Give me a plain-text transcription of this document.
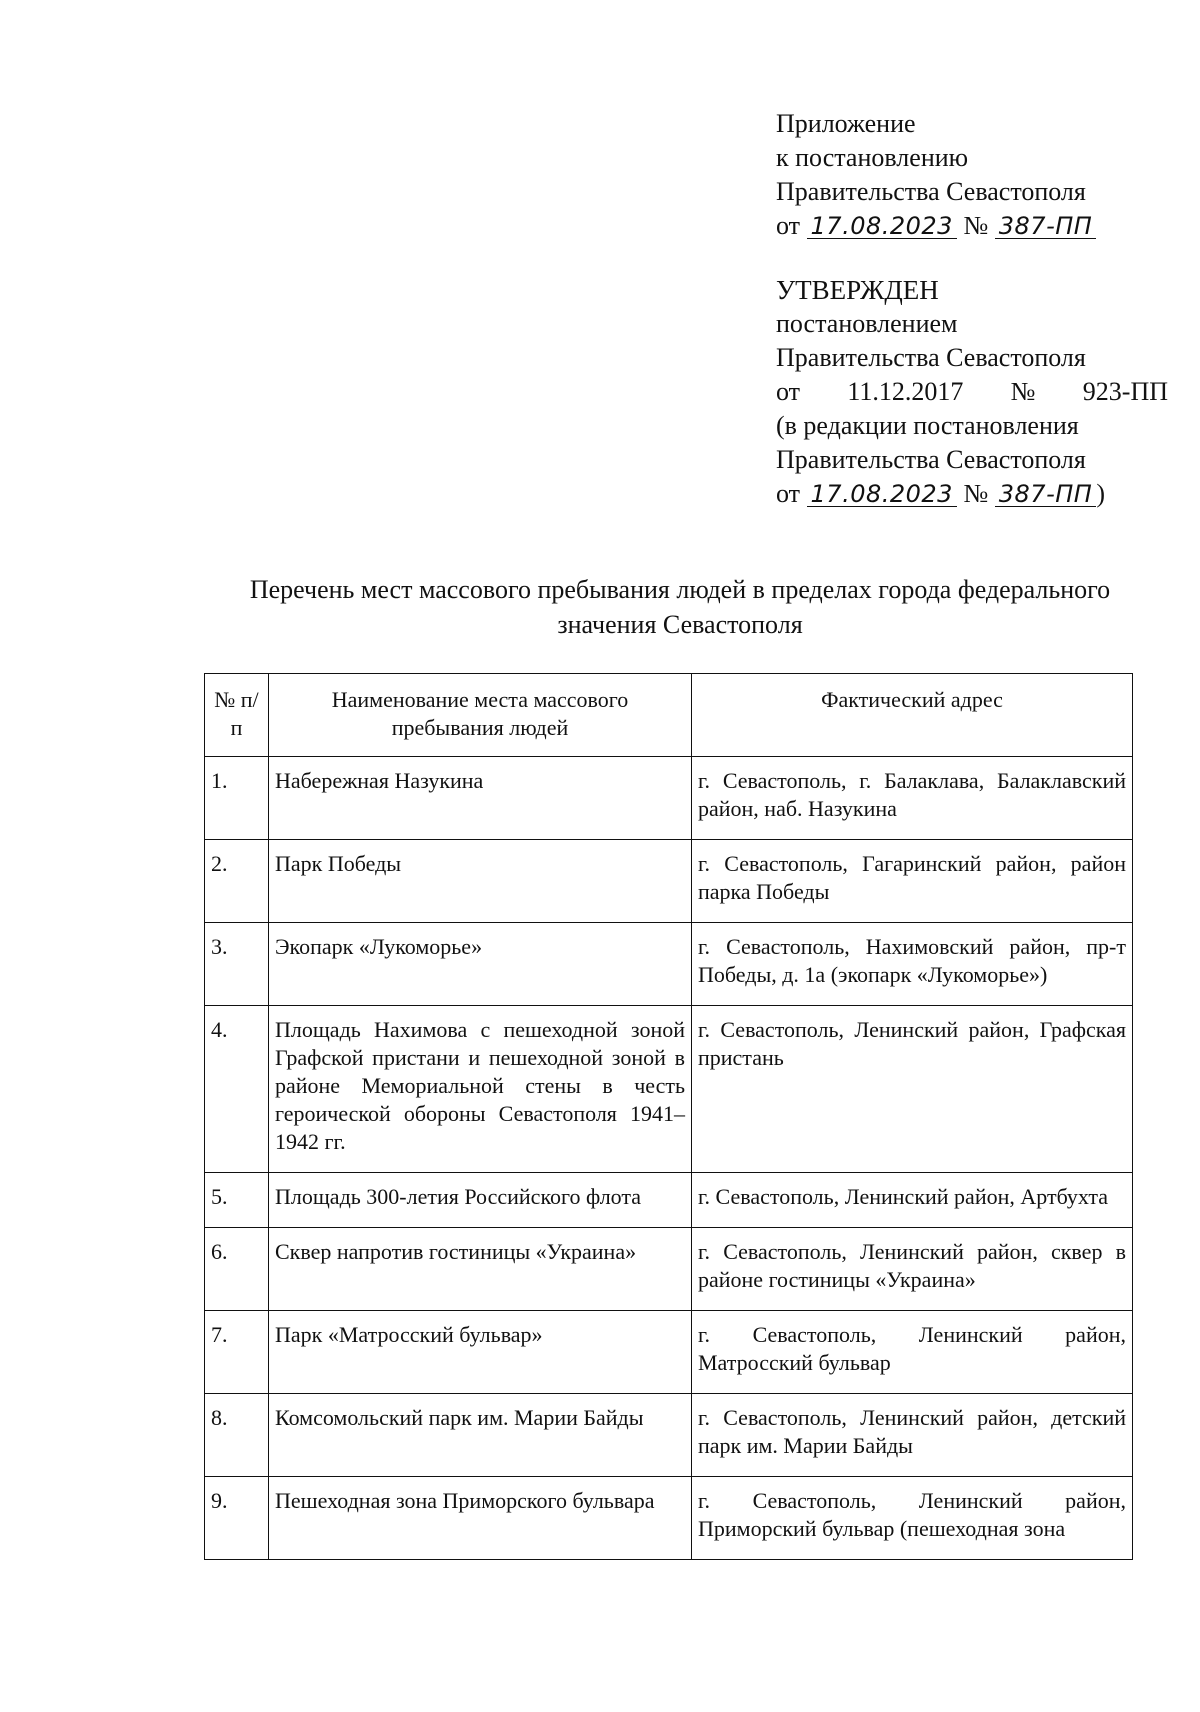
Приложение
к постановлению
Правительства Севастополя
от 17.08.2023 № 387-ПП
УТВЕРЖДЕН
постановлением
Правительства Севастополя
от 11.12.2017 № 923-ПП
(в редакции постановления
Правительства Севастополя
от 17.08.2023 № 387-ПП )
Перечень мест массового пребывания людей в пределах города федерального значения Севастополя
№ п/п	Наименование места массового пребывания людей	Фактический адрес
1.	Набережная Назукина	г. Севастополь, г. Балаклава, Балаклавский район, наб. Назукина
2.	Парк Победы	г. Севастополь, Гагаринский район, район парка Победы
3.	Экопарк «Лукоморье»	г. Севастополь, Нахимовский район, пр-т Победы, д. 1а (экопарк «Лукоморье»)
4.	Площадь Нахимова с пешеходной зоной Графской пристани и пешеходной зоной в районе Мемориальной стены в честь героической обороны Севастополя 1941–1942 гг.	г. Севастополь, Ленинский район, Графская пристань
5.	Площадь 300-летия Российского флота	г. Севастополь, Ленинский район, Артбухта
6.	Сквер напротив гостиницы «Украина»	г. Севастополь, Ленинский район, сквер в районе гостиницы «Украина»
7.	Парк «Матросский бульвар»	г. Севастополь, Ленинский район, Матросский бульвар
8.	Комсомольский парк им. Марии Байды	г. Севастополь, Ленинский район, детский парк им. Марии Байды
9.	Пешеходная зона Приморского бульвара	г. Севастополь, Ленинский район, Приморский бульвар (пешеходная зона
